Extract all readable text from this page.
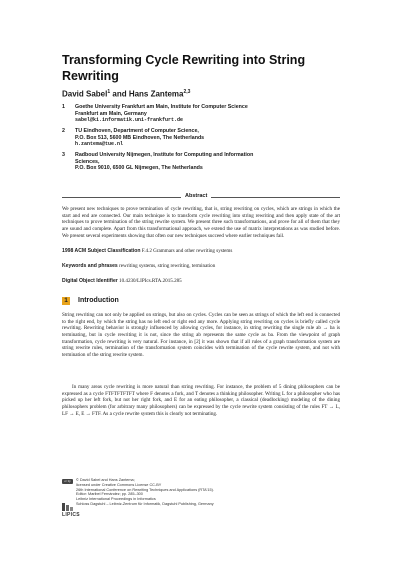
Transforming Cycle Rewriting into String Rewriting
David Sabel$^1$ and Hans Zantema$^{2,3}$
1 Goethe University Frankfurt am Main, Institute for Computer Science
Frankfurt am Main, Germany
sabel@ki.informatik.uni-frankfurt.de
2 TU Eindhoven, Department of Computer Science,
P.O. Box 513, 5600 MB Eindhoven, The Netherlands
h.zantema@tue.nl
3 Radboud University Nijmegen, Institute for Computing and Information
Sciences,
P.O. Box 9010, 6500 GL Nijmegen, The Netherlands
Abstract

We present new techniques to prove termination of cycle rewriting, that is, string rewriting on cycles, which are strings in which the start and end are connected. Our main technique is to transform cycle rewriting into string rewriting and then apply state of the art techniques to prove termination of the string rewrite system. We present three such transformations, and prove for all of them that they are sound and complete. Apart from this transformational approach, we extend the use of matrix interpretations as was studied before. We present several experiments showing that often our new techniques succeed where earlier techniques fail.

1998 ACM Subject Classification F.4.2 Grammars and other rewriting systems
Keywords and phrases rewriting systems, string rewriting, termination
Digital Object Identifier 10.4230/LIPIcs.RTA.2015.285
1	Introduction

String rewriting can not only be applied on strings, but also on cycles. Cycles can be seen as strings of which the left end is connected to the right end, by which the string has no left end or right end any more. Applying string rewriting on cycles is briefly called cycle rewriting. Rewriting behavior is strongly influenced by allowing cycles, for instance, in string rewriting the single rule ab → ba is terminating, but in cycle rewriting it is not, since the string ab represents the same cycle as ba. From the viewpoint of graph transformation, cycle rewriting is very natural. For instance, in [2] it was shown that if all rules of a graph transformation system are string rewrite rules, termination of the transformation system coincides with termination of the cycle rewrite system, and not with termination of the string rewrite system.

In many areas cycle rewriting is more natural than string rewriting. For instance, the problem of 5 dining philosophers can be expressed as a cycle FTFTFTFTFT where F denotes a fork, and T denotes a thinking philosopher. Writing L for a philosopher who has picked up her left fork, but not her right fork, and E for an eating philosopher, a classical (deadlocking) modeling of the dining philosophers problem (for arbitrary many philosophers) can be expressed by the cycle rewrite system consisting of the rules FT → L, LF → E, E → FTF. As a cycle rewrite system this is clearly not terminating.

cc by	© David Sabel and Hans Zantema;
licensed under Creative Commons License CC-BY
26th International Conference on Rewriting Techniques and Applications (RTA'15).
Editor: Maribel Fernández; pp. 285–300
Leibniz International Proceedings in Informatics
Schloss Dagstuhl – Leibniz-Zentrum für Informatik, Dagstuhl Publishing, Germany
LIPICS
